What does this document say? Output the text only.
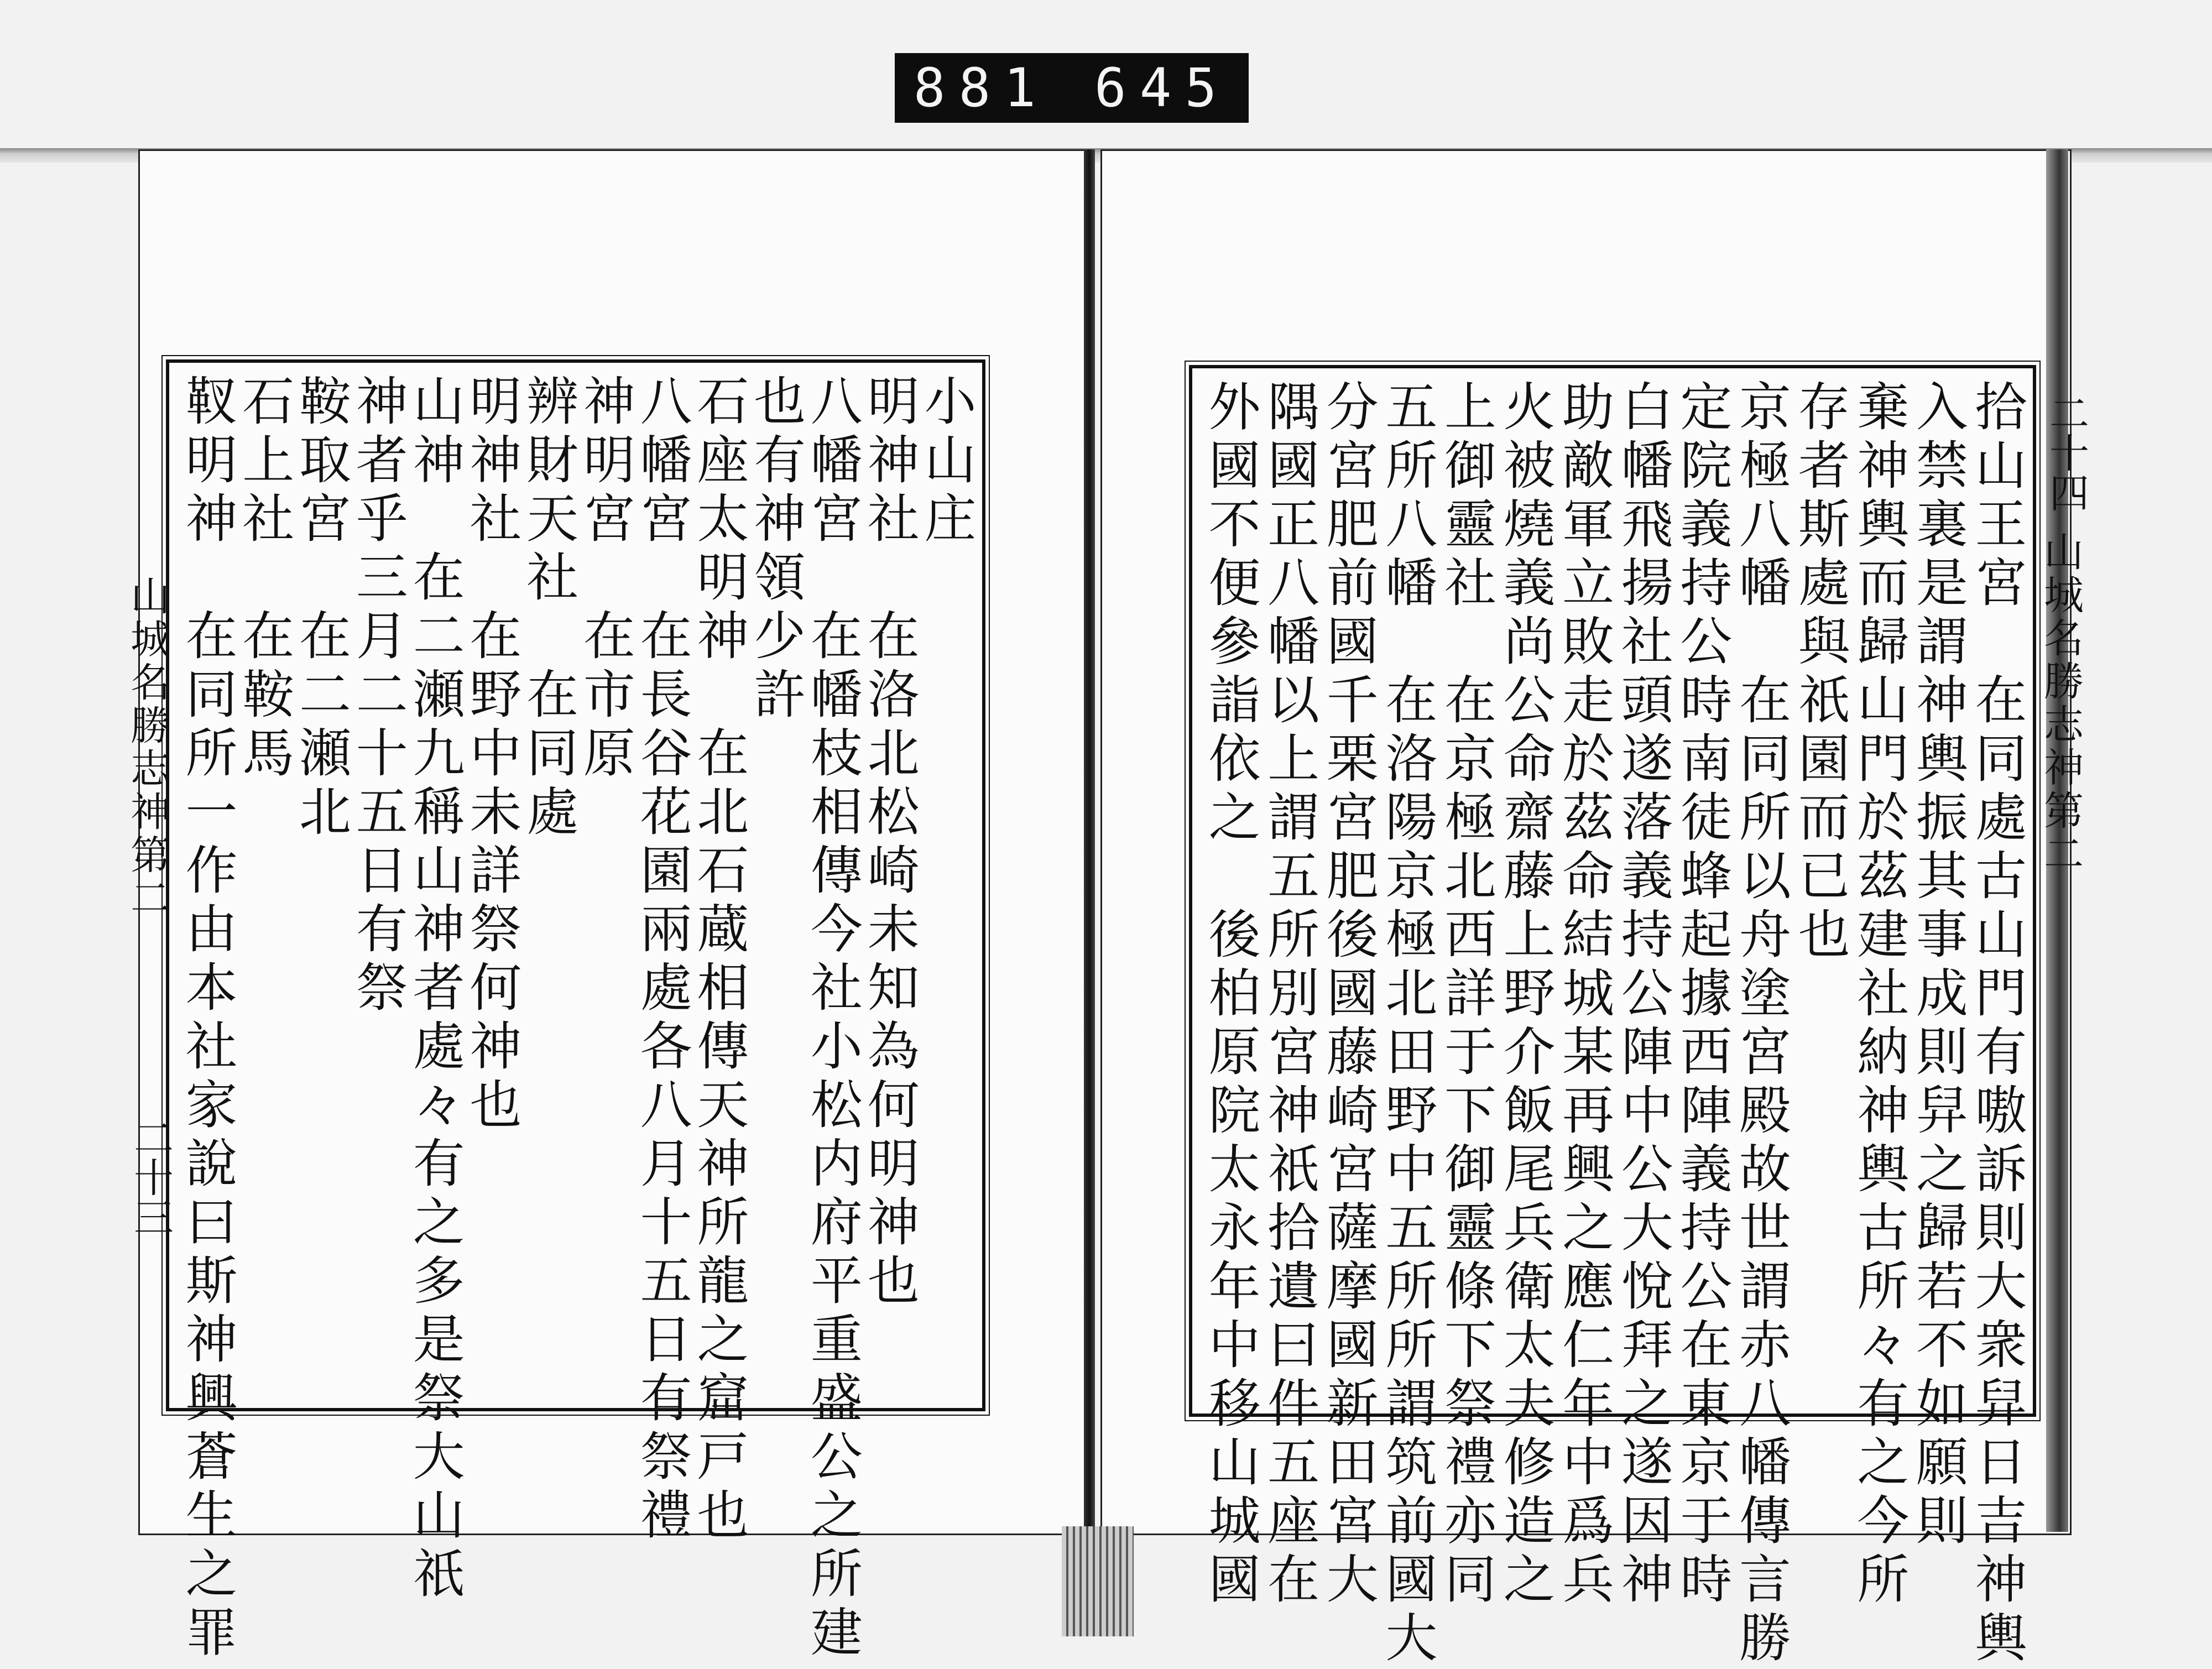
881 645
山城名勝志神第二
二十三
小山庄
明神社　在洛北松崎未知為何明神也
八幡宮　在幡枝相傳今社小松内府平重盛公之所建
也有神領少許
石座太明神　在北石蔵相傳天神所龍之窟戸也
八幡宮　在長谷花園兩處各八月十五日有祭禮
神明宮　在市原
辨財天社　在同處
明神社　在野中未詳祭何神也
山神　在二瀬九稱山神者處々有之多是祭大山祇
神者乎三月二十五日有祭
鞍取宮　在二瀬北
石上社　在鞍馬
靫明神　在同所一作由本社家說曰斯神興蒼生之罪	山城名勝志神第二
二十四
拾山王宮　在同處古山門有嗷訴則大衆舁日吉神輿
入禁裏是謂神輿振其事成則舁之歸若不如願則
棄神輿而歸山門於茲建社納神輿古所々有之今所
存者斯處與祇園而已也
京極八幡　在同所以舟塗宮殿故世謂赤八幡傳言勝
定院義持公時南徒蜂起據西陣義持公在東京于時
白幡飛揚社頭遂落義持公陣中公大悅拜之遂因神
助敵軍立敗走於茲命結城某再興之應仁年中爲兵
火被燒義尚公命齋藤上野介飯尾兵衛太夫修造之
上御靈社　在京極北西詳于下御靈條下祭禮亦同
五所八幡　在洛陽京極北田野中五所所謂筑前國大
分宮肥前國千栗宮肥後國藤崎宮薩摩國新田宮大
隅國正八幡以上謂五所別宮神祇拾遺曰件五座在
外國不便參詣依之　後柏原院太永年中移山城國
